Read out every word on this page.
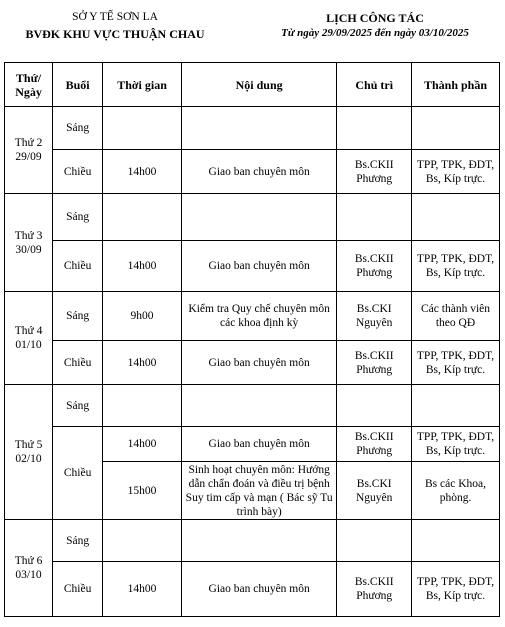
SỞ Y TẾ SƠN LA
BVĐK KHU VỰC THUẬN CHAU
LỊCH CÔNG TÁC
Từ ngày 29/09/2025 đến ngày 03/10/2025
Thứ/ Ngày	Buổi	Thời gian	Nội dung	Chủ trì	Thành phần
Thứ 2 29/09	Sáng				
	Chiều	14h00	Giao ban chuyên môn	Bs.CKII Phương	TPP, TPK, ĐDT, Bs, Kíp trực.
Thứ 3 30/09	Sáng				
	Chiều	14h00	Giao ban chuyên môn	Bs.CKII Phương	TPP, TPK, ĐDT, Bs, Kíp trực.
Thứ 4 01/10	Sáng	9h00	Kiểm tra Quy chế chuyên môn các khoa định kỳ	Bs.CKI Nguyên	Các thành viên theo QĐ
	Chiều	14h00	Giao ban chuyên môn	Bs.CKII Phương	TPP, TPK, ĐDT, Bs, Kíp trực.
Thứ 5 02/10	Sáng				
	Chiều	14h00	Giao ban chuyên môn	Bs.CKII Phương	TPP, TPK, ĐDT, Bs, Kíp trực.
		15h00	Sinh hoạt chuyên môn: Hướng dẫn chẩn đoán và điều trị bệnh Suy tim cấp và mạn ( Bác sỹ Tu trình bày)	Bs.CKI Nguyên	Bs các Khoa, phòng.
Thứ 6 03/10	Sáng				
	Chiều	14h00	Giao ban chuyên môn	Bs.CKII Phương	TPP, TPK, ĐDT, Bs, Kíp trực.
